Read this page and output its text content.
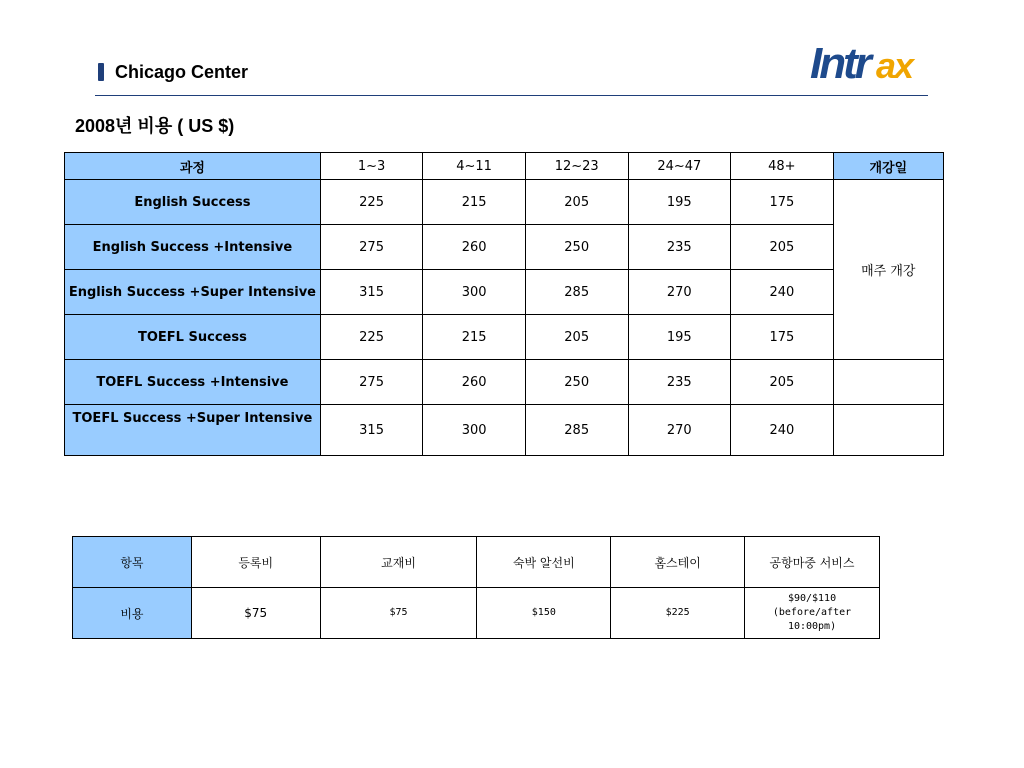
Chicago Center	Intr ax
2008년 비용 ( US $)
과정	1~3	4~11	12~23	24~47	48+	개강일
English Success	225	215	205	195	175	매주 개강
English Success +Intensive	275	260	250	235	205	
English Success +Super Intensive	315	300	285	270	240	
TOEFL Success	225	215	205	195	175	
TOEFL Success +Intensive	275	260	250	235	205	
TOEFL Success +Super Intensive	315	300	285	270	240	
항목	등록비	교재비	숙박 알선비	홈스테이	공항마중 서비스
비용	$75	$75	$150	$225	$90/$110
(before/after
10:00pm)
